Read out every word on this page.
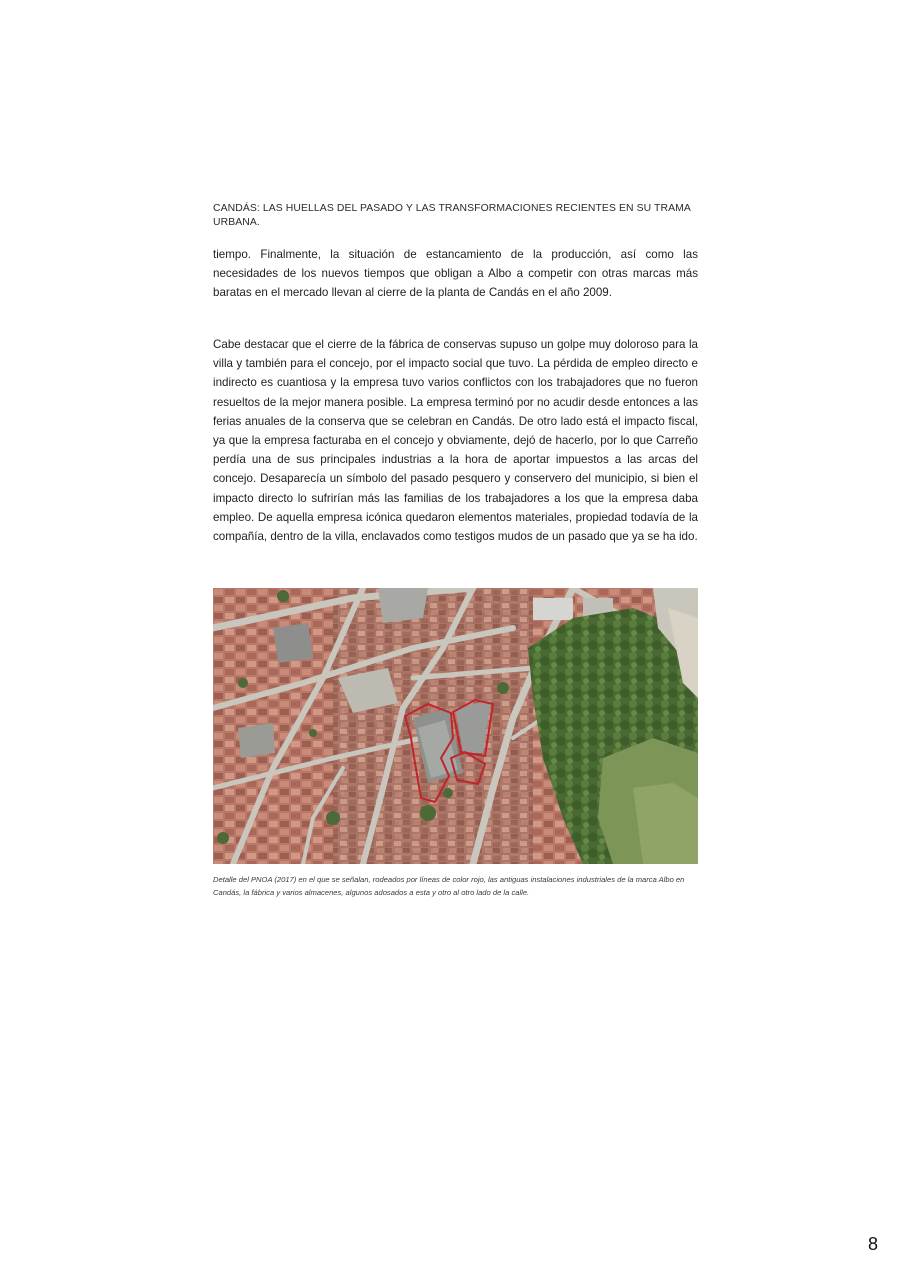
CANDÁS: LAS HUELLAS DEL PASADO Y LAS TRANSFORMACIONES RECIENTES EN SU TRAMA URBANA.

tiempo. Finalmente, la situación de estancamiento de la producción, así como las necesidades de los nuevos tiempos que obligan a Albo a competir con otras marcas más baratas en el mercado llevan al cierre de la planta de Candás en el año 2009.

Cabe destacar que el cierre de la fábrica de conservas supuso un golpe muy doloroso para la villa y también para el concejo, por el impacto social que tuvo. La pérdida de empleo directo e indirecto es cuantiosa y la empresa tuvo varios conflictos con los trabajadores que no fueron resueltos de la mejor manera posible. La empresa terminó por no acudir desde entonces a las ferias anuales de la conserva que se celebran en Candás. De otro lado está el impacto fiscal, ya que la empresa facturaba en el concejo y obviamente, dejó de hacerlo, por lo que Carreño perdía una de sus principales industrias a la hora de aportar impuestos a las arcas del concejo. Desaparecía un símbolo del pasado pesquero y conservero del municipio, si bien el impacto directo lo sufrirían más las familias de los trabajadores a los que la empresa daba empleo. De aquella empresa icónica quedaron elementos materiales, propiedad todavía de la compañía, dentro de la villa, enclavados como testigos mudos de un pasado que ya se ha ido.

Detalle del PNOA (2017) en el que se señalan, rodeados por líneas de color rojo, las antiguas instalaciones industriales de la marca Albo en Candás, la fábrica y varios almacenes, algunos adosados a esta y otro al otro lado de la calle.

8
